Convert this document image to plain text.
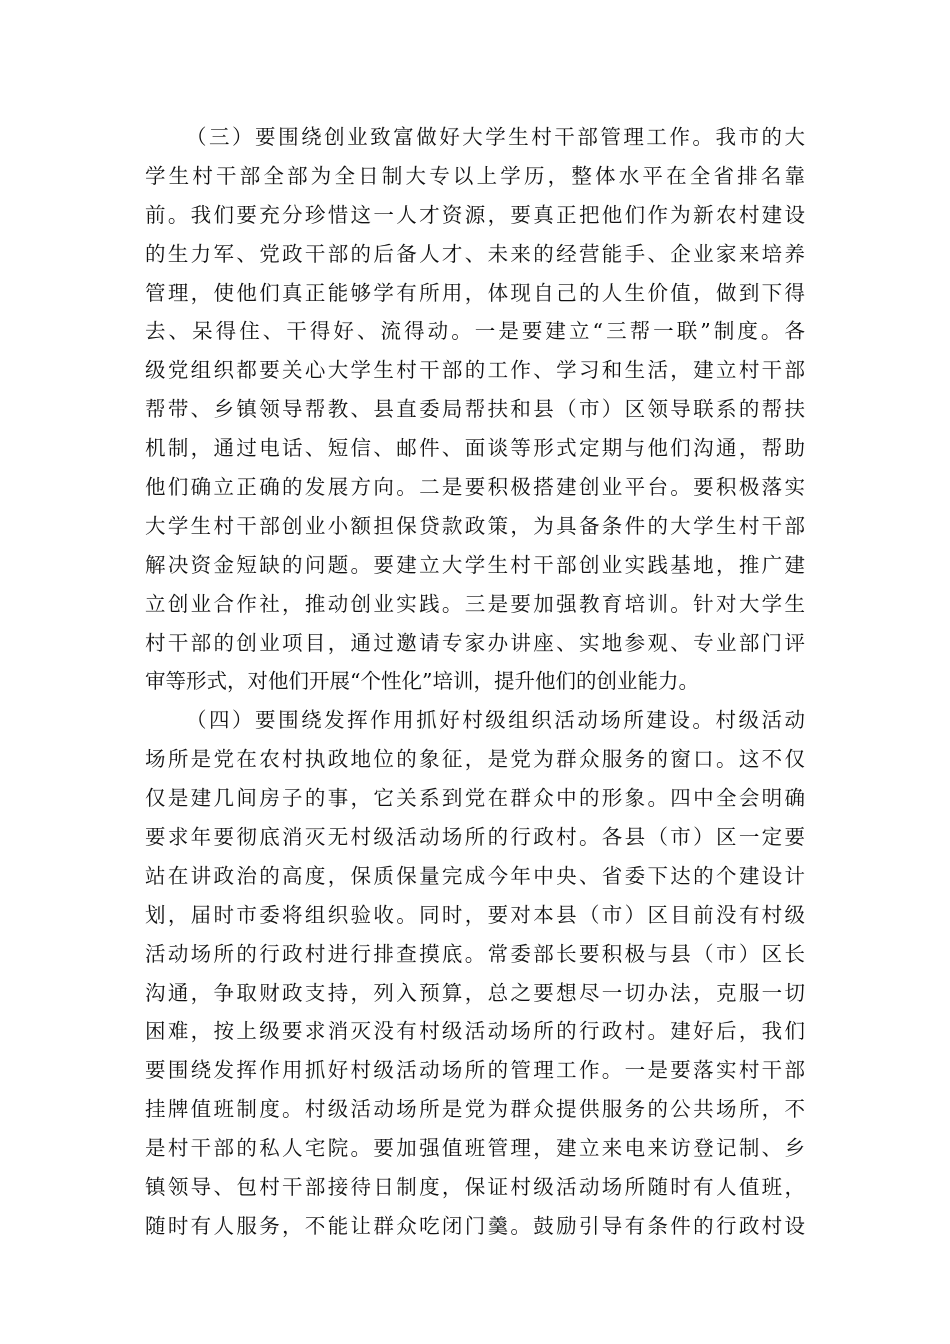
（三）要围绕创业致富做好大学生村干部管理工作。我市的大
学生村干部全部为全日制大专以上学历，整体水平在全省排名靠
前。我们要充分珍惜这一人才资源，要真正把他们作为新农村建设
的生力军、党政干部的后备人才、未来的经营能手、企业家来培养
管理，使他们真正能够学有所用，体现自己的人生价值，做到下得
去、呆得住、干得好、流得动。一是要建立“三帮一联”制度。各
级党组织都要关心大学生村干部的工作、学习和生活，建立村干部
帮带、乡镇领导帮教、县直委局帮扶和县（市）区领导联系的帮扶
机制，通过电话、短信、邮件、面谈等形式定期与他们沟通，帮助
他们确立正确的发展方向。二是要积极搭建创业平台。要积极落实
大学生村干部创业小额担保贷款政策，为具备条件的大学生村干部
解决资金短缺的问题。要建立大学生村干部创业实践基地，推广建
立创业合作社，推动创业实践。三是要加强教育培训。针对大学生
村干部的创业项目，通过邀请专家办讲座、实地参观、专业部门评
审等形式，对他们开展“个性化”培训，提升他们的创业能力。
（四）要围绕发挥作用抓好村级组织活动场所建设。村级活动
场所是党在农村执政地位的象征，是党为群众服务的窗口。这不仅
仅是建几间房子的事，它关系到党在群众中的形象。四中全会明确
要求年要彻底消灭无村级活动场所的行政村。各县（市）区一定要
站在讲政治的高度，保质保量完成今年中央、省委下达的个建设计
划，届时市委将组织验收。同时，要对本县（市）区目前没有村级
活动场所的行政村进行排查摸底。常委部长要积极与县（市）区长
沟通，争取财政支持，列入预算，总之要想尽一切办法，克服一切
困难，按上级要求消灭没有村级活动场所的行政村。建好后，我们
要围绕发挥作用抓好村级活动场所的管理工作。一是要落实村干部
挂牌值班制度。村级活动场所是党为群众提供服务的公共场所，不
是村干部的私人宅院。要加强值班管理，建立来电来访登记制、乡
镇领导、包村干部接待日制度，保证村级活动场所随时有人值班，
随时有人服务，不能让群众吃闭门羹。鼓励引导有条件的行政村设
